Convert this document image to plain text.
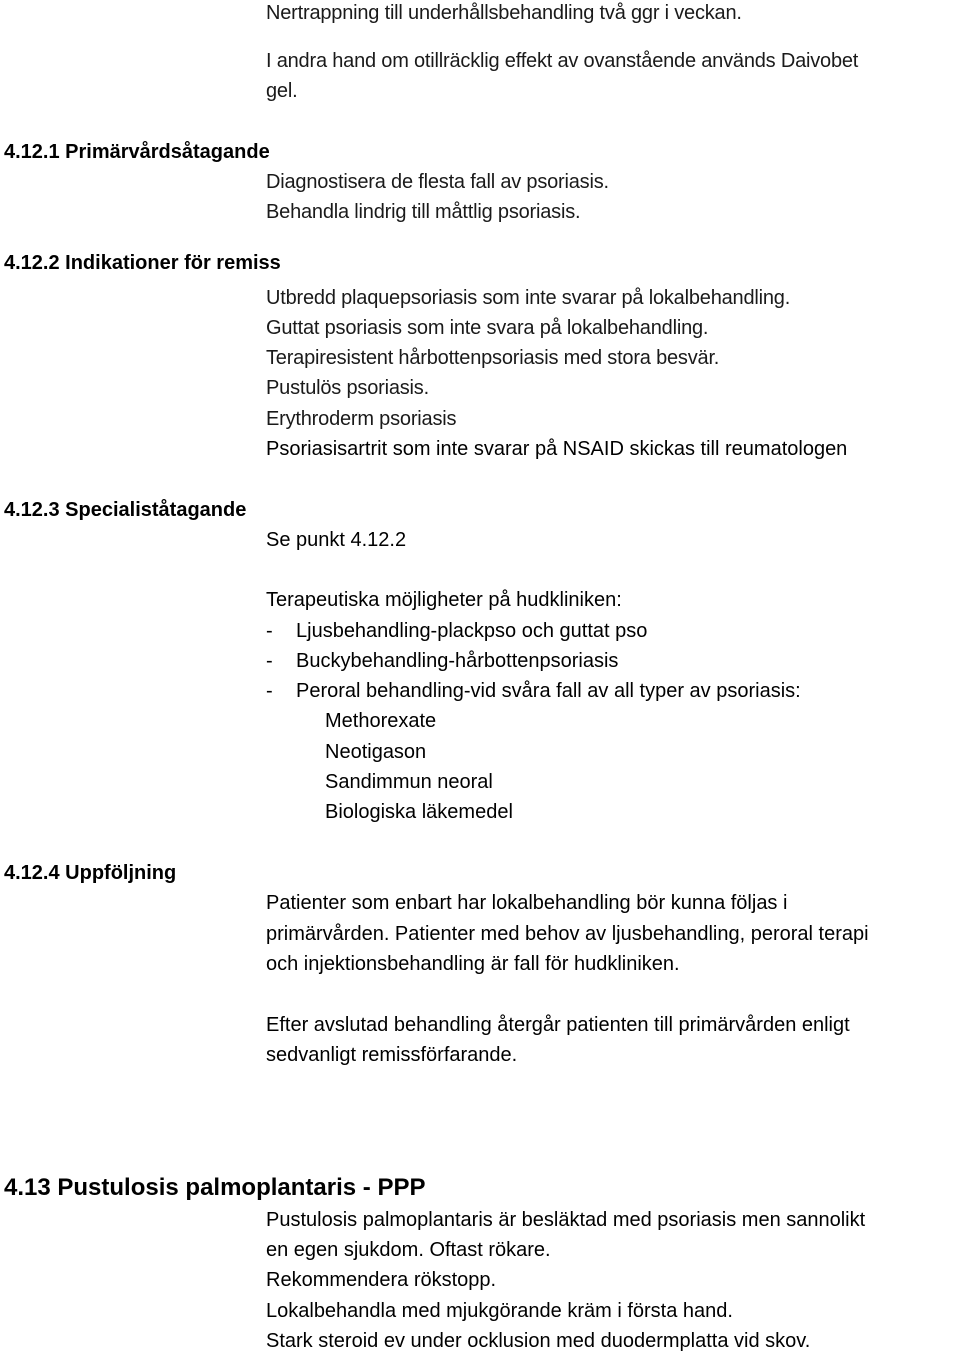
Nertrappning till underhållsbehandling två ggr i veckan.

I andra hand om otillräcklig effekt av ovanstående används Daivobet

gel.

4.12.1 Primärvårdsåtagande

Diagnostisera de flesta fall av psoriasis.

Behandla lindrig till måttlig psoriasis.

4.12.2 Indikationer för remiss

Utbredd plaquepsoriasis som inte svarar på lokalbehandling.

Guttat psoriasis som inte svara på lokalbehandling.

Terapiresistent hårbottenpsoriasis med stora besvär.

Pustulös psoriasis.

Erythroderm psoriasis

Psoriasisartrit som inte svarar på NSAID skickas till reumatologen

4.12.3 Specialiståtagande

Se punkt 4.12.2

Terapeutiska möjligheter på hudkliniken:

- Ljusbehandling-plackpso och guttat pso
- Buckybehandling-hårbottenpsoriasis
- Peroral behandling-vid svåra fall av all typer av psoriasis:
Methorexate
Neotigason
Sandimmun neoral
Biologiska läkemedel

4.12.4 Uppföljning

Patienter som enbart har lokalbehandling bör kunna följas i

primärvården. Patienter med behov av ljusbehandling, peroral terapi

och injektionsbehandling är fall för hudkliniken.

Efter avslutad behandling återgår patienten till primärvården enligt

sedvanligt remissförfarande.

4.13 Pustulosis palmoplantaris - PPP

Pustulosis palmoplantaris är besläktad med psoriasis men sannolikt

en egen sjukdom. Oftast rökare.

Rekommendera rökstopp.

Lokalbehandla med mjukgörande kräm i första hand.

Stark steroid ev under ocklusion med duodermplatta vid skov.
